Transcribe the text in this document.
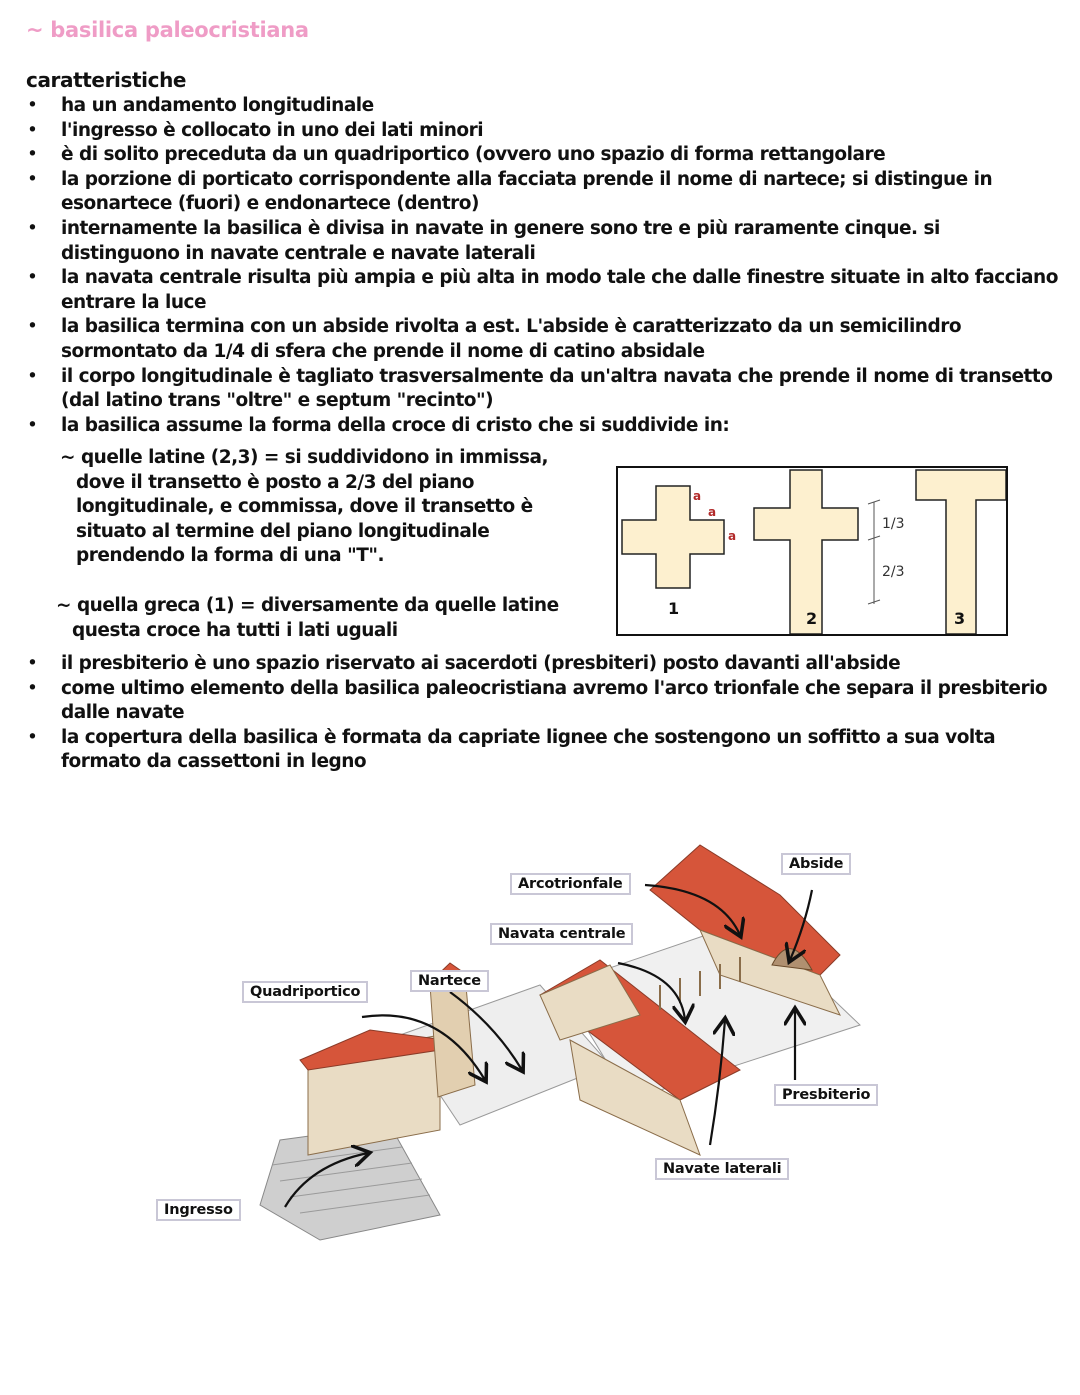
~ basilica paleocristiana
caratteristiche
• ha un andamento longitudinale
• l'ingresso è collocato in uno dei lati minori
• è di solito preceduta da un quadriportico (ovvero uno spazio di forma rettangolare
• la porzione di porticato corrispondente alla facciata prende il nome di nartece; si distingue in esonartece (fuori) e endonartece (dentro)
• internamente la basilica è divisa in navate in genere sono tre e più raramente cinque. si distinguono in navate centrale e navate laterali
• la navata centrale risulta più ampia e più alta in modo tale che dalle finestre situate in alto facciano entrare la luce
• la basilica termina con un abside rivolta a est. L'abside è caratterizzato da un semicilindro sormontato da 1/4 di sfera che prende il nome di catino absidale
• il corpo longitudinale è tagliato trasversalmente da un'altra navata che prende il nome di transetto (dal latino trans "oltre" e septum "recinto")
• la basilica assume la forma della croce di cristo che si suddivide in:
~ quelle latine (2,3) = si suddividono in immissa,
dove il transetto è posto a 2/3 del piano longitudinale, e commissa, dove il transetto è situato al termine del piano longitudinale prendendo la forma di una "T".
~ quella greca (1) = diversamente da quelle latine
questa croce ha tutti i lati uguali
a
a
a
1/3
2/3
1
2	3
• il presbiterio è uno spazio riservato ai sacerdoti (presbiteri) posto davanti all'abside
• come ultimo elemento della basilica paleocristiana avremo l'arco trionfale che separa il presbiterio dalle navate
• la copertura della basilica è formata da capriate lignee che sostengono un soffitto a sua volta formato da cassettoni in legno
Abside
Arcotrionfale
Navata centrale
Quadriportico
Nartece
Presbiterio
Navate laterali
Ingresso
